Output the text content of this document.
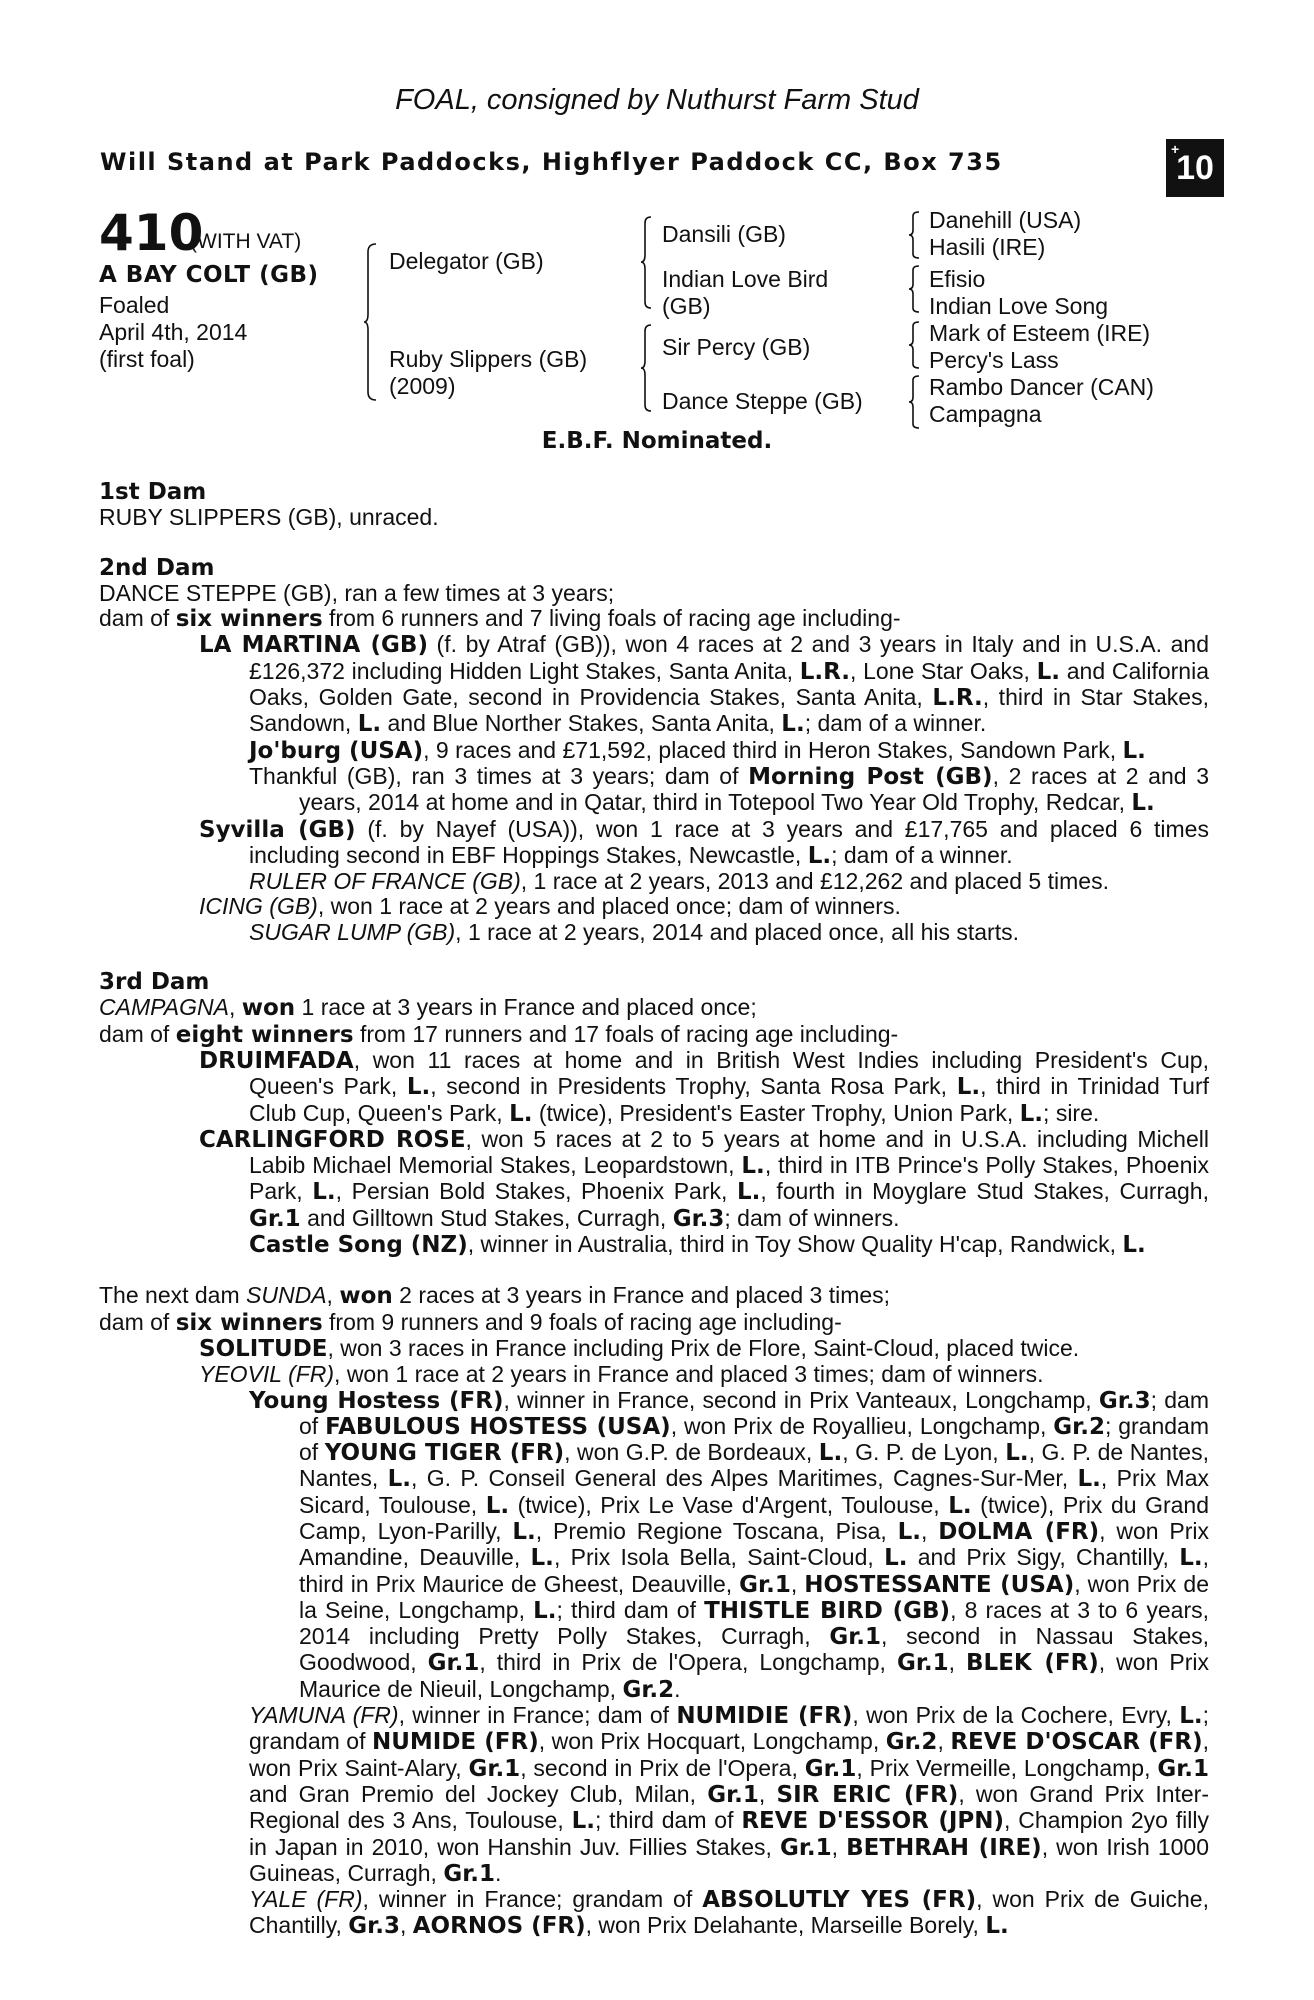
FOAL, consigned by Nuthurst Farm Stud
Will Stand at Park Paddocks, Highflyer Paddock CC, Box 735	+
10
410
(WITH VAT)
A BAY COLT (GB)
Foaled
April 4th, 2014
(first foal)
Delegator (GB)
Ruby Slippers (GB)
(2009)
Dansili (GB)
Indian Love Bird
(GB)
Sir Percy (GB)
Dance Steppe (GB)
Danehill (USA)
Hasili (IRE)
Efisio
Indian Love Song
Mark of Esteem (IRE)
Percy's Lass
Rambo Dancer (CAN)
Campagna
E.B.F. Nominated.
1st Dam
RUBY SLIPPERS (GB), unraced.
2nd Dam
DANCE STEPPE (GB), ran a few times at 3 years;
dam of six winners from 6 runners and 7 living foals of racing age including-

LA MARTINA (GB) (f. by Atraf (GB)), won 4 races at 2 and 3 years in Italy and in U.S.A. and £126,372 including Hidden Light Stakes, Santa Anita, L.R., Lone Star Oaks, L. and California Oaks, Golden Gate, second in Providencia Stakes, Santa Anita, L.R., third in Star Stakes, Sandown, L. and Blue Norther Stakes, Santa Anita, L.; dam of a winner.

Jo'burg (USA), 9 races and £71,592, placed third in Heron Stakes, Sandown Park, L.

Thankful (GB), ran 3 times at 3 years; dam of Morning Post (GB), 2 races at 2 and 3 years, 2014 at home and in Qatar, third in Totepool Two Year Old Trophy, Redcar, L.

Syvilla (GB) (f. by Nayef (USA)), won 1 race at 3 years and £17,765 and placed 6 times including second in EBF Hoppings Stakes, Newcastle, L.; dam of a winner.

RULER OF FRANCE (GB), 1 race at 2 years, 2013 and £12,262 and placed 5 times.

ICING (GB), won 1 race at 2 years and placed once; dam of winners.

SUGAR LUMP (GB), 1 race at 2 years, 2014 and placed once, all his starts.

3rd Dam
CAMPAGNA, won 1 race at 3 years in France and placed once;
dam of eight winners from 17 runners and 17 foals of racing age including-

DRUIMFADA, won 11 races at home and in British West Indies including President's Cup, Queen's Park, L., second in Presidents Trophy, Santa Rosa Park, L., third in Trinidad Turf Club Cup, Queen's Park, L. (twice), President's Easter Trophy, Union Park, L.; sire.

CARLINGFORD ROSE, won 5 races at 2 to 5 years at home and in U.S.A. including Michell Labib Michael Memorial Stakes, Leopardstown, L., third in ITB Prince's Polly Stakes, Phoenix Park, L., Persian Bold Stakes, Phoenix Park, L., fourth in Moyglare Stud Stakes, Curragh, Gr.1 and Gilltown Stud Stakes, Curragh, Gr.3; dam of winners.

Castle Song (NZ), winner in Australia, third in Toy Show Quality H'cap, Randwick, L.

The next dam SUNDA, won 2 races at 3 years in France and placed 3 times;
dam of six winners from 9 runners and 9 foals of racing age including-

SOLITUDE, won 3 races in France including Prix de Flore, Saint-Cloud, placed twice.

YEOVIL (FR), won 1 race at 2 years in France and placed 3 times; dam of winners.

Young Hostess (FR), winner in France, second in Prix Vanteaux, Longchamp, Gr.3; dam of FABULOUS HOSTESS (USA), won Prix de Royallieu, Longchamp, Gr.2; grandam of YOUNG TIGER (FR), won G.P. de Bordeaux, L., G. P. de Lyon, L., G. P. de Nantes, Nantes, L., G. P. Conseil General des Alpes Maritimes, Cagnes-Sur-Mer, L., Prix Max Sicard, Toulouse, L. (twice), Prix Le Vase d'Argent, Toulouse, L. (twice), Prix du Grand Camp, Lyon-Parilly, L., Premio Regione Toscana, Pisa, L., DOLMA (FR), won Prix Amandine, Deauville, L., Prix Isola Bella, Saint-Cloud, L. and Prix Sigy, Chantilly, L., third in Prix Maurice de Gheest, Deauville, Gr.1, HOSTESSANTE (USA), won Prix de la Seine, Longchamp, L.; third dam of THISTLE BIRD (GB), 8 races at 3 to 6 years, 2014 including Pretty Polly Stakes, Curragh, Gr.1, second in Nassau Stakes, Goodwood, Gr.1, third in Prix de l'Opera, Longchamp, Gr.1, BLEK (FR), won Prix Maurice de Nieuil, Longchamp, Gr.2.

YAMUNA (FR), winner in France; dam of NUMIDIE (FR), won Prix de la Cochere, Evry, L.; grandam of NUMIDE (FR), won Prix Hocquart, Longchamp, Gr.2, REVE D'OSCAR (FR), won Prix Saint-Alary, Gr.1, second in Prix de l'Opera, Gr.1, Prix Vermeille, Longchamp, Gr.1 and Gran Premio del Jockey Club, Milan, Gr.1, SIR ERIC (FR), won Grand Prix Inter-Regional des 3 Ans, Toulouse, L.; third dam of REVE D'ESSOR (JPN), Champion 2yo filly in Japan in 2010, won Hanshin Juv. Fillies Stakes, Gr.1, BETHRAH (IRE), won Irish 1000 Guineas, Curragh, Gr.1.

YALE (FR), winner in France; grandam of ABSOLUTLY YES (FR), won Prix de Guiche, Chantilly, Gr.3, AORNOS (FR), won Prix Delahante, Marseille Borely, L.
